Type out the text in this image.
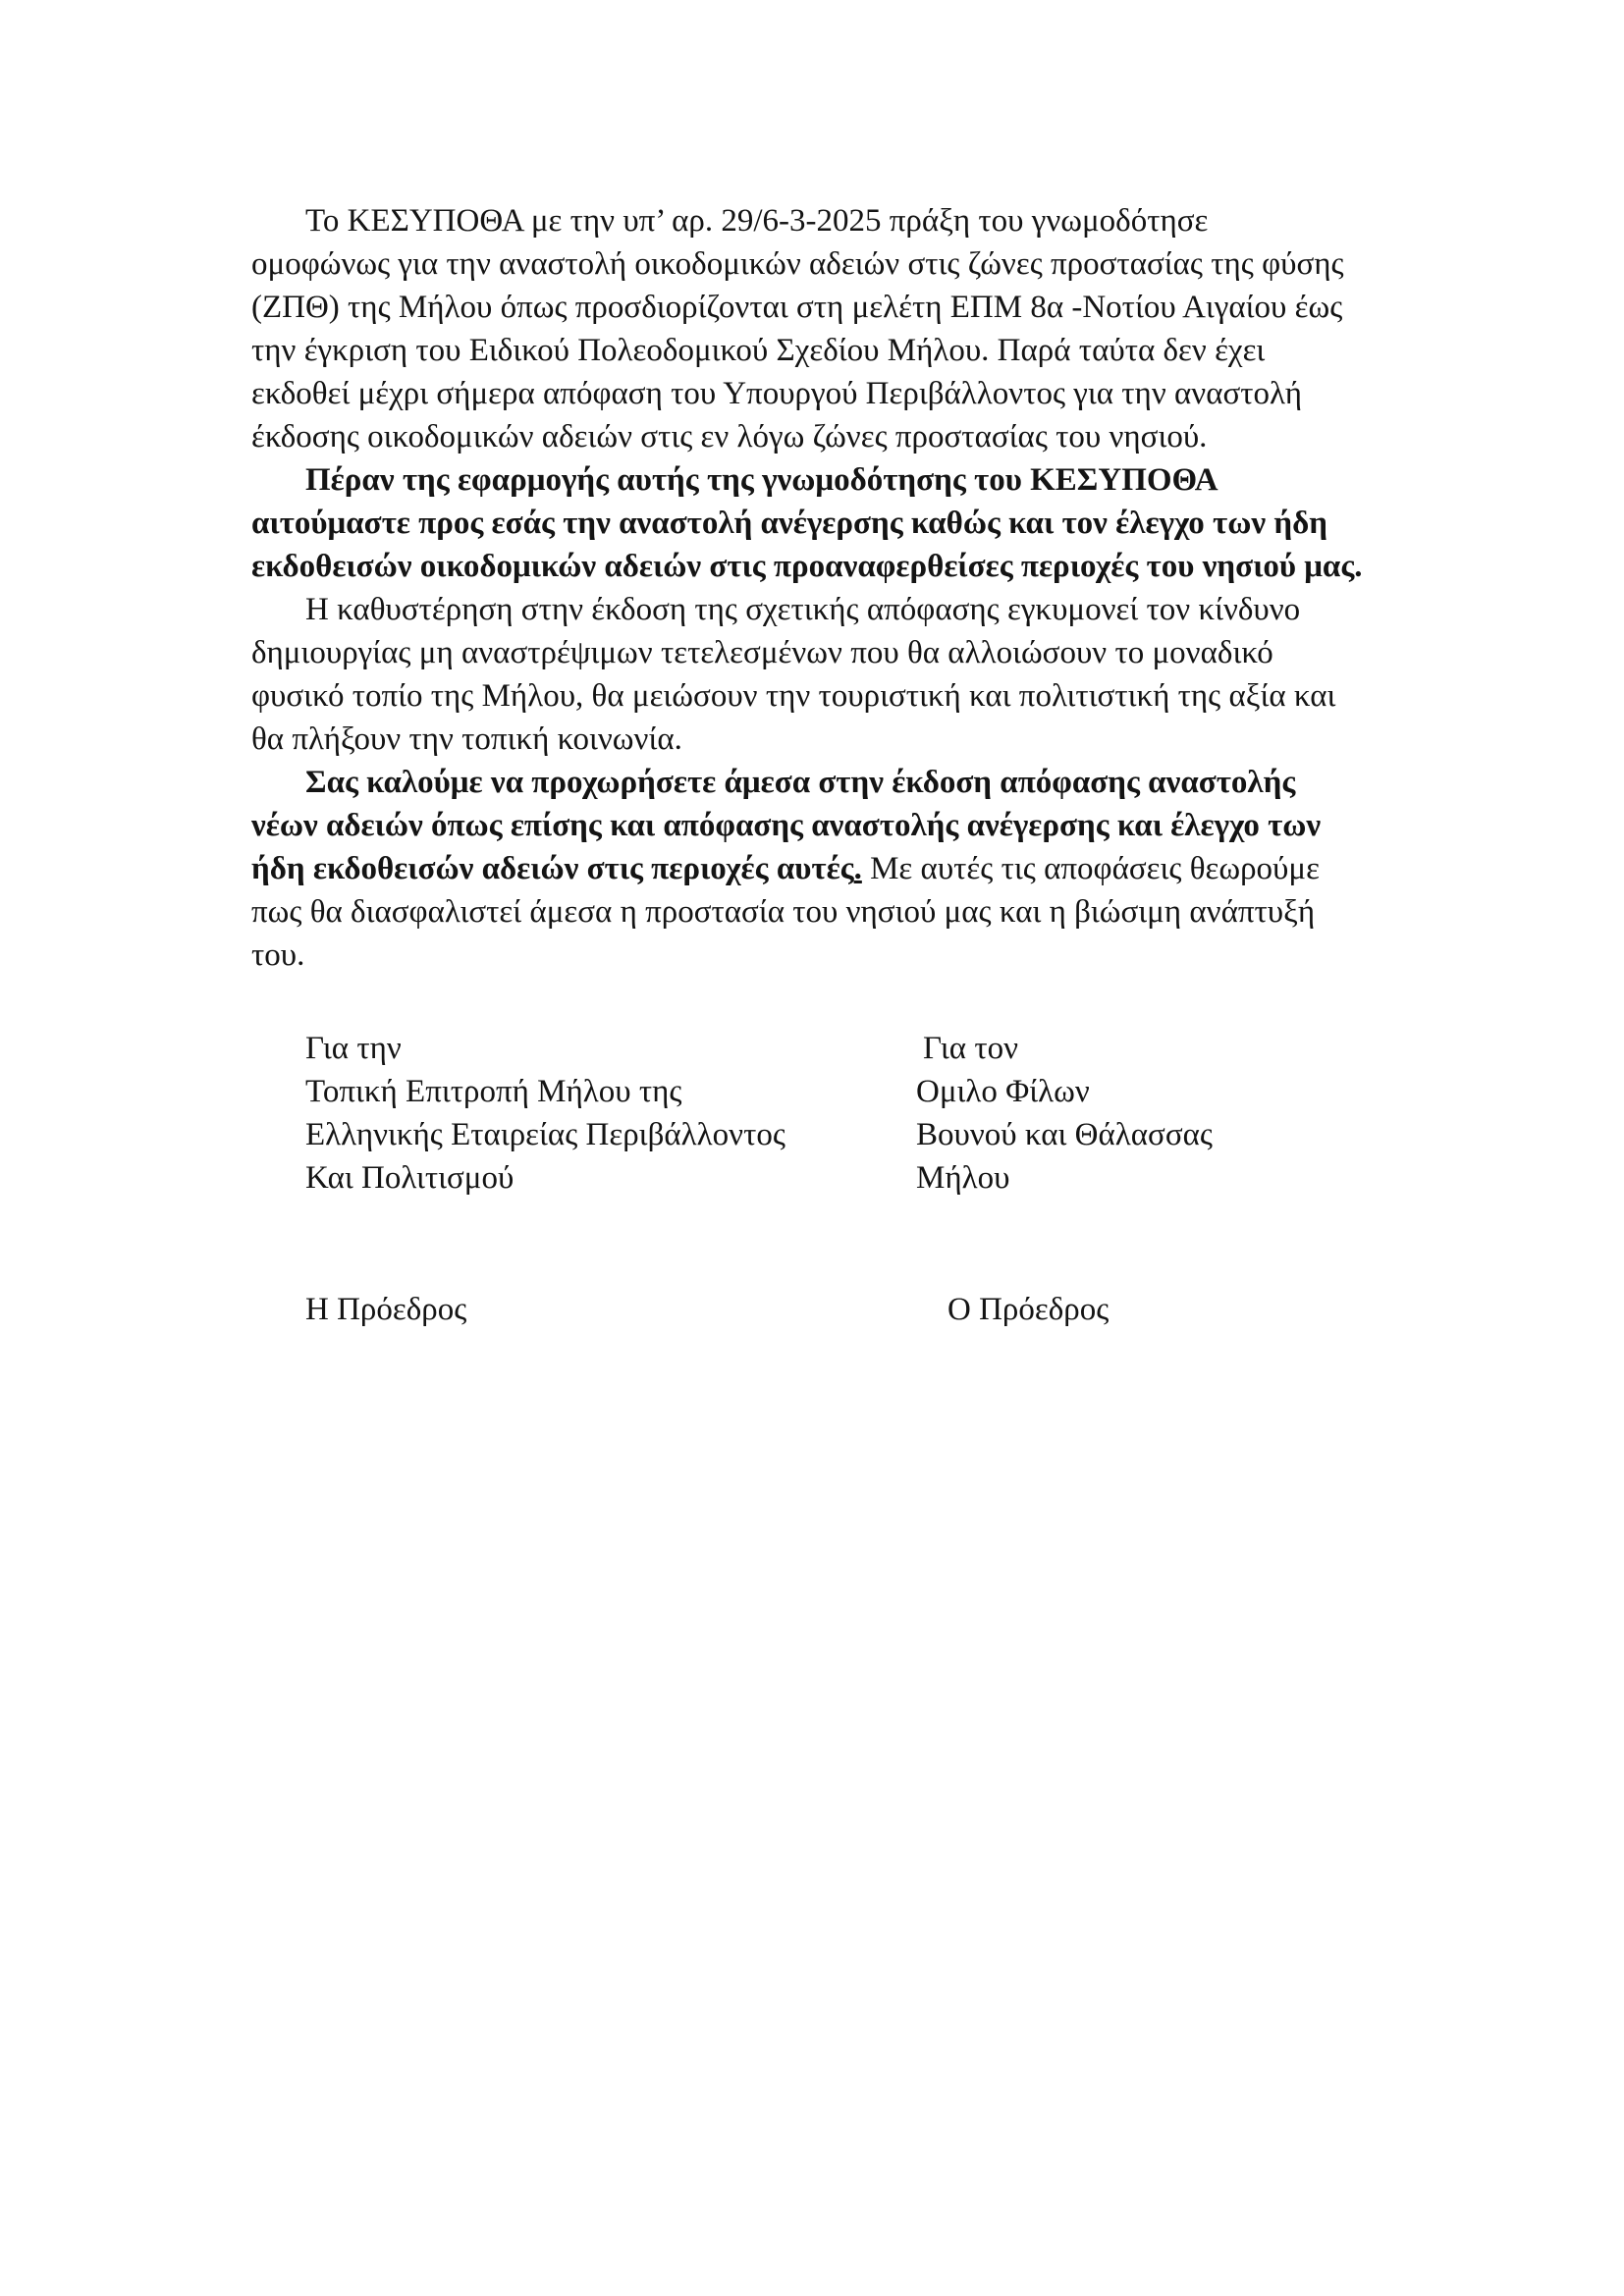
Το ΚΕΣΥΠΟΘΑ με την υπ’ αρ. 29/6-3-2025 πράξη του γνωμοδότησε
ομοφώνως για την αναστολή οικοδομικών αδειών στις ζώνες προστασίας της φύσης
(ΖΠΘ) της Μήλου όπως προσδιορίζονται στη μελέτη ΕΠΜ 8α -Νοτίου Αιγαίου έως
την έγκριση του Ειδικού Πολεοδομικού Σχεδίου Μήλου. Παρά ταύτα δεν έχει
εκδοθεί μέχρι σήμερα απόφαση του Υπουργού Περιβάλλοντος για την αναστολή
έκδοσης οικοδομικών αδειών στις εν λόγω ζώνες προστασίας του νησιού.
Πέραν της εφαρμογής αυτής της γνωμοδότησης του ΚΕΣΥΠΟΘΑ
αιτούμαστε προς εσάς την αναστολή ανέγερσης καθώς και τον έλεγχο των ήδη
εκδοθεισών οικοδομικών αδειών στις προαναφερθείσες περιοχές του νησιού μας.
Η καθυστέρηση στην έκδοση της σχετικής απόφασης εγκυμονεί τον κίνδυνο
δημιουργίας μη αναστρέψιμων τετελεσμένων που θα αλλοιώσουν το μοναδικό
φυσικό τοπίο της Μήλου, θα μειώσουν την τουριστική και πολιτιστική της αξία και
θα πλήξουν την τοπική κοινωνία.
Σας καλούμε να προχωρήσετε άμεσα στην έκδοση απόφασης αναστολής
νέων αδειών όπως επίσης και απόφασης αναστολής ανέγερσης και έλεγχο των
ήδη εκδοθεισών αδειών στις περιοχές αυτές. Με αυτές τις αποφάσεις θεωρούμε
πως θα διασφαλιστεί άμεσα η προστασία του νησιού μας και η βιώσιμη ανάπτυξή
του.
Για την
Τοπική Επιτροπή Μήλου της
Ελληνικής Εταιρείας Περιβάλλοντος
Και Πολιτισμού
Για τον
Ομιλο Φίλων
Βουνού και Θάλασσας
Μήλου
Η Πρόεδρος	Ο Πρόεδρος
